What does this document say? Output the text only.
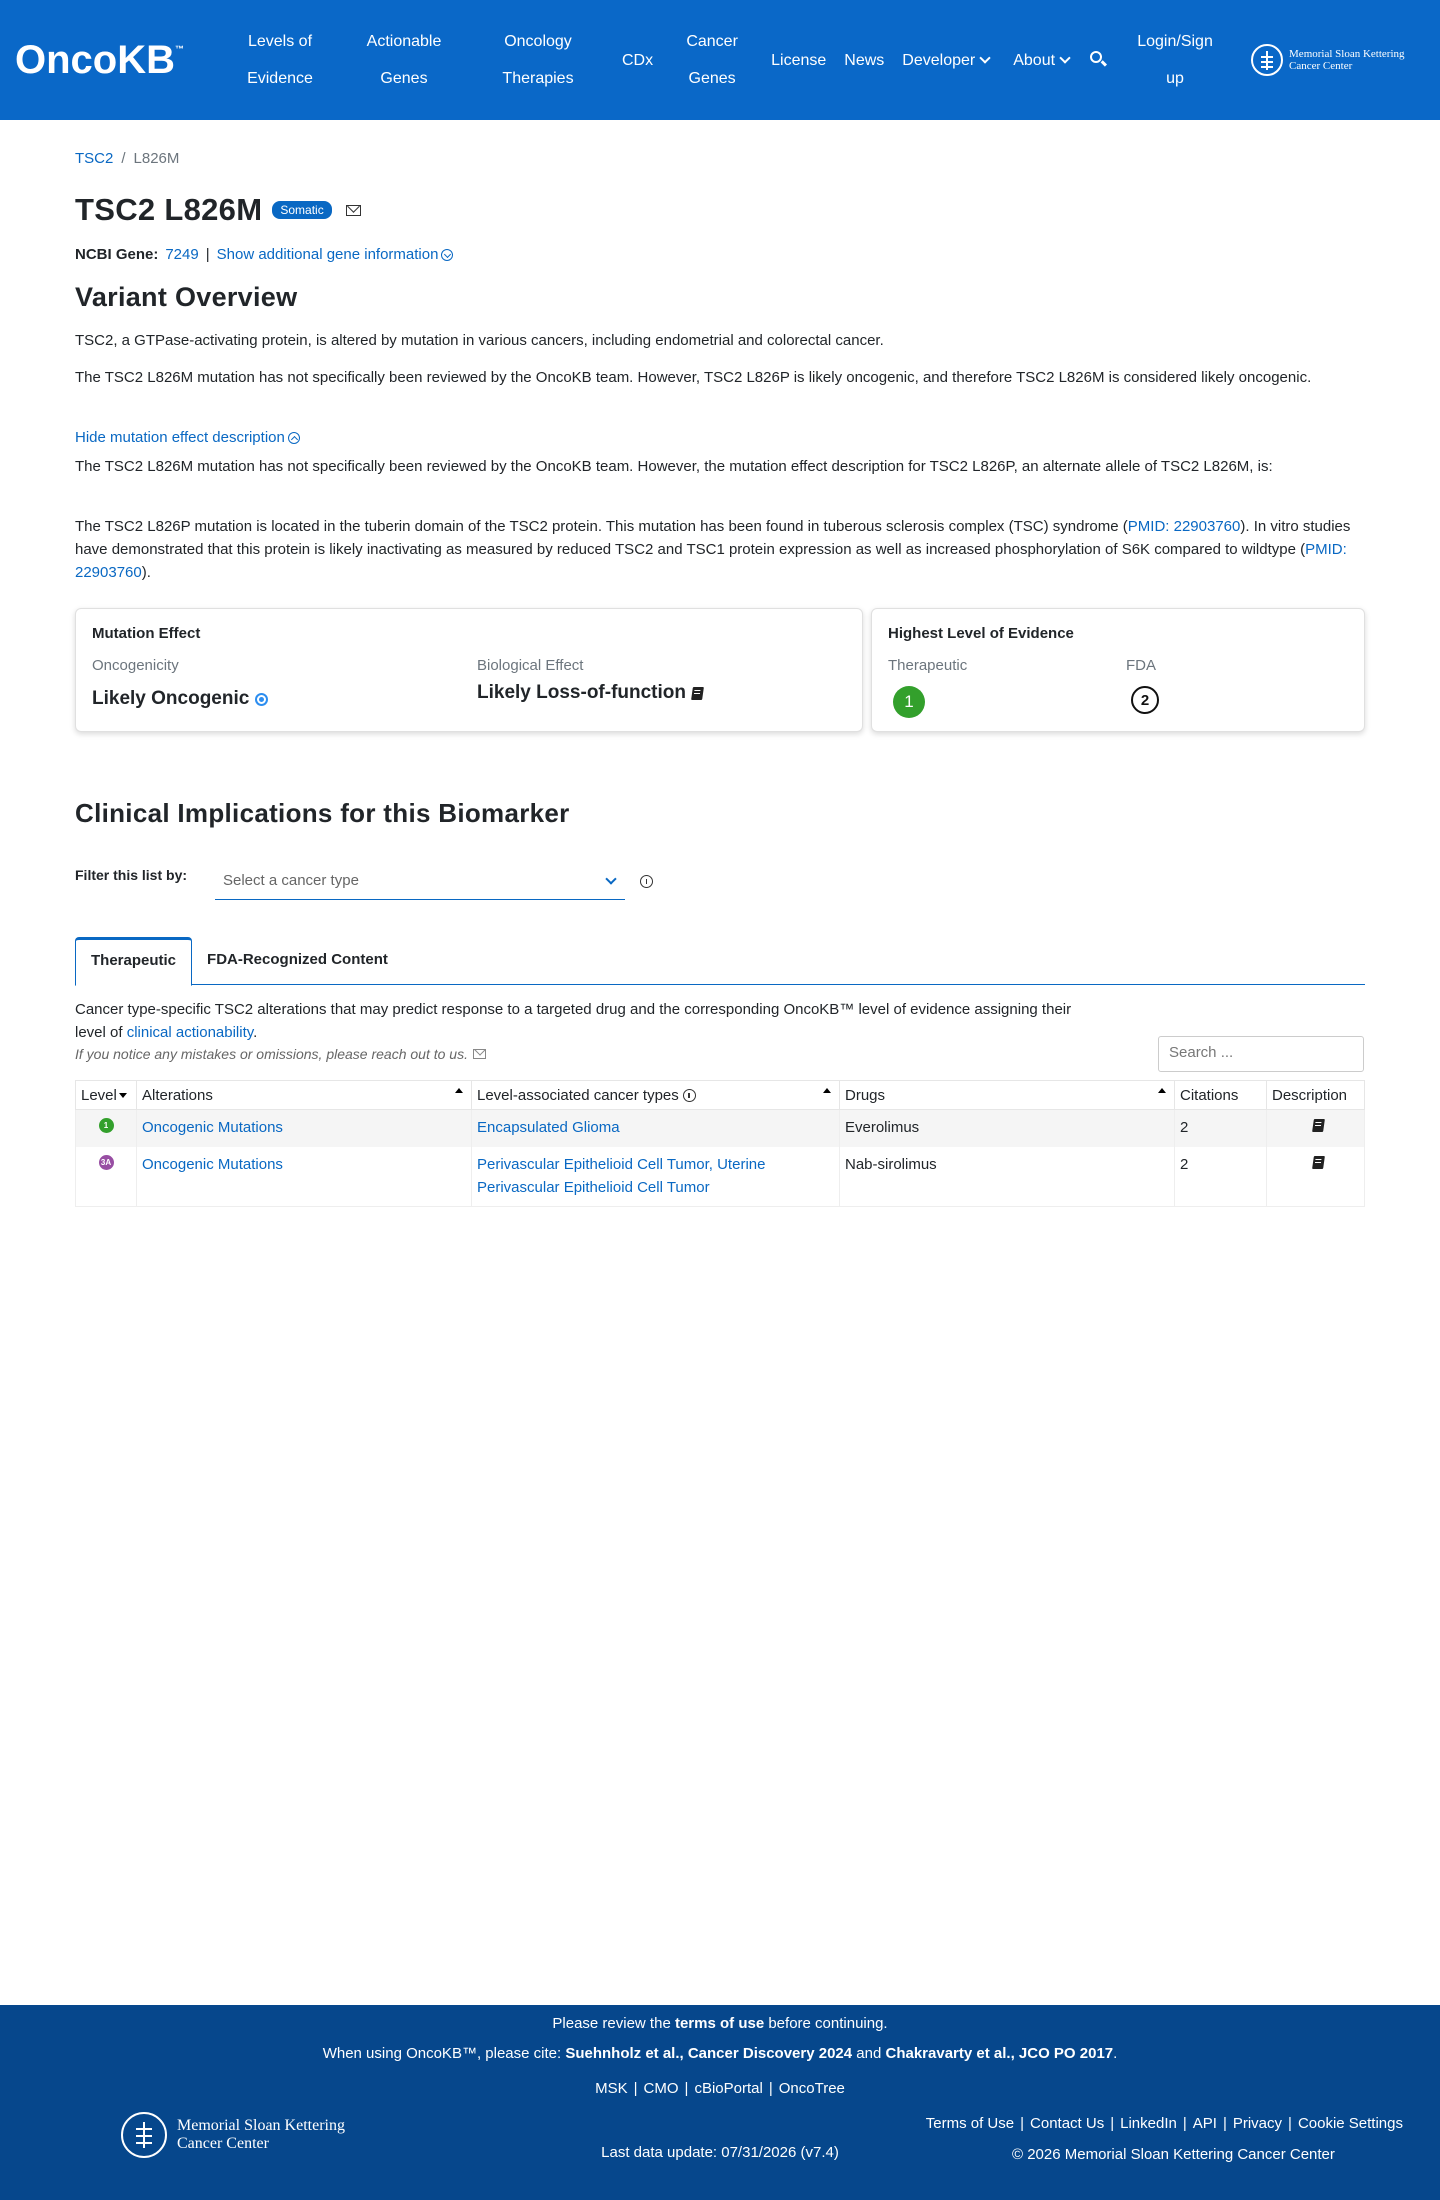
OncoKB™	Levels of Evidence
Actionable Genes
Oncology Therapies
CDx
Cancer Genes
License News Developer About
Login/Sign up
Memorial Sloan Kettering Cancer Center
TSC2 / L826M
TSC2 L826M	Somatic
NCBI Gene: 7249 | Show additional gene information
Variant Overview
TSC2, a GTPase-activating protein, is altered by mutation in various cancers, including endometrial and colorectal cancer.
The TSC2 L826M mutation has not specifically been reviewed by the OncoKB team. However, TSC2 L826P is likely oncogenic, and therefore TSC2 L826M is considered likely oncogenic.
Hide mutation effect description
The TSC2 L826M mutation has not specifically been reviewed by the OncoKB team. However, the mutation effect description for TSC2 L826P, an alternate allele of TSC2 L826M, is:
The TSC2 L826P mutation is located in the tuberin domain of the TSC2 protein. This mutation has been found in tuberous sclerosis complex (TSC) syndrome (PMID: 22903760). In vitro studies have demonstrated that this protein is likely inactivating as measured by reduced TSC2 and TSC1 protein expression as well as increased phosphorylation of S6K compared to wildtype (PMID: 22903760).
Mutation Effect
Oncogenicity
Likely Oncogenic
Biological Effect
Likely Loss-of-function
Highest Level of Evidence
Therapeutic
1
FDA
2
Clinical Implications for this Biomarker
Filter this list by:	Select a cancer type
Therapeutic	FDA-Recognized Content
Cancer type-specific TSC2 alterations that may predict response to a targeted drug and the corresponding OncoKB™ level of evidence assigning their level of clinical actionability.
If you notice any mistakes or omissions, please reach out to us.	Search ...
Level	Alterations	Level-associated cancer types	Drugs	Citations	Description

1	Oncogenic Mutations	Encapsulated Glioma	Everolimus	2	

3A	Oncogenic Mutations	Perivascular Epithelioid Cell Tumor, Uterine Perivascular Epithelioid Cell Tumor	Nab-sirolimus	2	
Please review the terms of use before continuing.
When using OncoKB™, please cite: Suehnholz et al., Cancer Discovery 2024 and Chakravarty et al., JCO PO 2017.
MSK | CMO | cBioPortal | OncoTree
Memorial Sloan Kettering Cancer Center
Last data update: 07/31/2026 (v7.4)
Terms of Use | Contact Us | LinkedIn | API | Privacy | Cookie Settings
© 2026 Memorial Sloan Kettering Cancer Center
